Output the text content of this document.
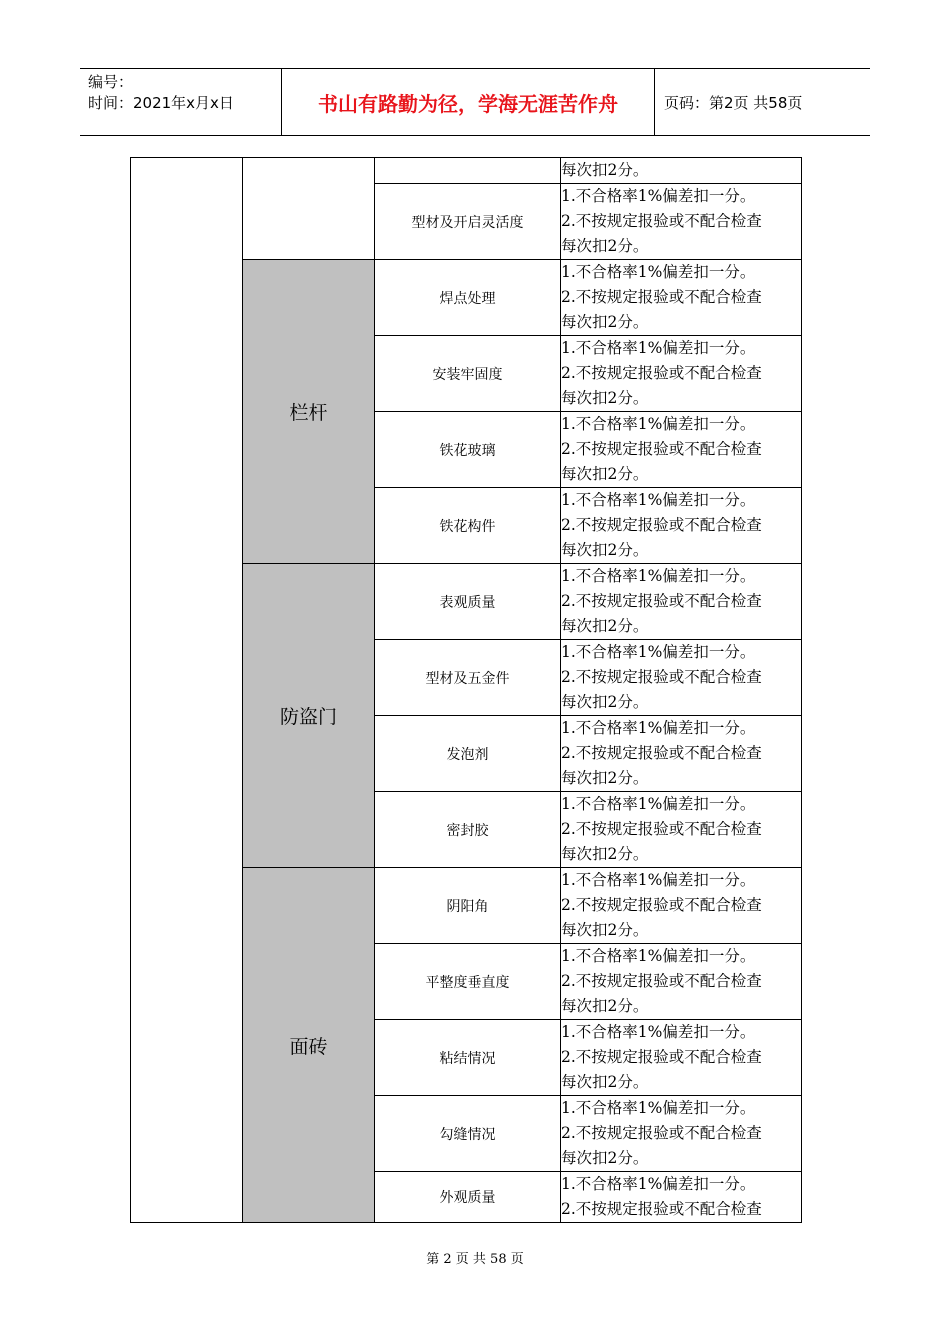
编号：
时间：2021年x月x日	书山有路勤为径，学海无涯苦作舟	页码：第2页 共58页

			每次扣2分。

		型材及开启灵活度	1.不合格率1%偏差扣一分。
2.不按规定报验或不配合检查
每次扣2分。

	栏杆	焊点处理	1.不合格率1%偏差扣一分。
2.不按规定报验或不配合检查
每次扣2分。

		安装牢固度	1.不合格率1%偏差扣一分。
2.不按规定报验或不配合检查
每次扣2分。

		铁花玻璃	1.不合格率1%偏差扣一分。
2.不按规定报验或不配合检查
每次扣2分。

		铁花构件	1.不合格率1%偏差扣一分。
2.不按规定报验或不配合检查
每次扣2分。

	防盗门	表观质量	1.不合格率1%偏差扣一分。
2.不按规定报验或不配合检查
每次扣2分。

		型材及五金件	1.不合格率1%偏差扣一分。
2.不按规定报验或不配合检查
每次扣2分。

		发泡剂	1.不合格率1%偏差扣一分。
2.不按规定报验或不配合检查
每次扣2分。

		密封胶	1.不合格率1%偏差扣一分。
2.不按规定报验或不配合检查
每次扣2分。

	面砖	阴阳角	1.不合格率1%偏差扣一分。
2.不按规定报验或不配合检查
每次扣2分。

		平整度垂直度	1.不合格率1%偏差扣一分。
2.不按规定报验或不配合检查
每次扣2分。

		粘结情况	1.不合格率1%偏差扣一分。
2.不按规定报验或不配合检查
每次扣2分。

		勾缝情况	1.不合格率1%偏差扣一分。
2.不按规定报验或不配合检查
每次扣2分。

		外观质量	1.不合格率1%偏差扣一分。
2.不按规定报验或不配合检查
第 2 页 共 58 页
